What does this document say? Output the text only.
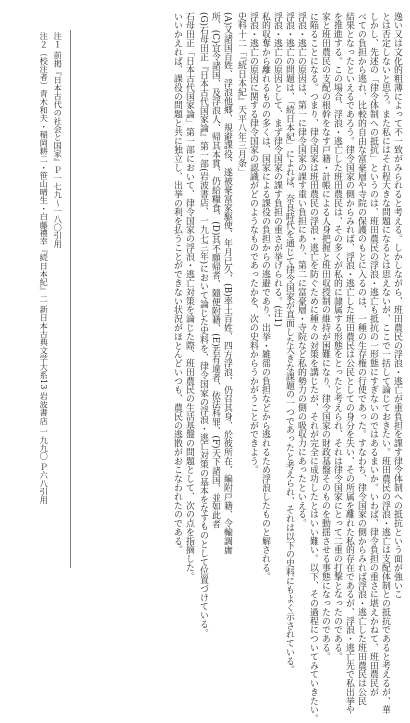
逸い又は文化的粗薄によって不一致がみられると考える。しかしながら、班田農民の浮浪・逃亡が重負担を課す律令体制への抵抗という面が強いこ
とは否定しないと思う。また私にはそれ程大きな問題になるとは思えないが、ここで一括して論じておきたい。班田農民の浮浪・逃亡は支配体制との抵抗であると考えるが、華
しかし、先述の「律令体制への抵抗」というのは、班田農民の浮浪・逃亡も抵抗の一形態にすぎないのではあるまいか。いわば、律令負担の重さに堪えかねて、班田農民が
べての負担から逃れ、比較的自由な富豪層や寺院の保護のもとに入るのは、一種の生存権の行使であった。すなわち、律令国家の側からみれば浮浪・逃亡した班田農民は公民
結果となったといえるであろう。律令国家の側からみれば、浮浪・逃亡した班田農民は公民としての身分を失い、その所属を離れた私的存在であるが、浮浪・逃亡先で私出挙や
を推進する。この場合、浮浪・逃亡した班田農民は、その多くが私的に隷属する形態をとったと考えられ、それは律令国家にとって二重の打撃となったのである。
家と班田農民の支配の根幹をなす戸籍・計帳による人身把握と班田収授制の維持が困難になり、律令国家の財政基盤そのものを動揺させる事態になったのである。
に陥ることになる。つまり、律令国家は班田農民の浮浪・逃亡を防ぐために種々の対策を講じたが、それが完全に成功したとはいい難い。以下、その過程についてみていきたい。
浮浪・逃亡の原因は、第一に律令国家の課す重い負担にあり、第二に富豪層・寺院など私的勢力の側の吸収力にあったといえる。
浮浪・逃亡の問題は、「続日本紀」によれば、奈良時代を通じて律令国家が直面した大きな課題の一つであったと考えられ、それは以下の史料にもよく示されている。
浮浪・逃亡の原因として、まず律令国家の課す負担の重さが挙げられる。(注1)
私的収奪から離れるものの多くは、国家による課役の負担からの逃避であり、出挙・雑徭の負担などから逃れるため浮浪したものと解される。
浮浪・逃亡の原因に関する律令国家の認識がどのようなものであったかを、次の史料からうかがうことができよう。
史料十二「『続日本紀』天平八年三月条」
(A)又諸国百姓、浮浪他郷、規避課役、遂被豪富家駆使、年月已久、(B)率土百姓、四方浮浪、仍召其身、於彼所在、編附戸籍、令輸調庸
所、(C)宜令諸国、及浮浪人、帰其本貫、仍給糧食、(D)其不願帰者、隨便附籍、(E)若有違者、依法科罪、(F)天下諸国、並如此者
(G)石母田正『日本古代国家論』第一部(岩波書店、一九七三年)において論じた史料を、律令国家の浮浪・逃亡対策の基本をなすものとして位置づけている。
石母田正「日本古代国家論」第一部において、律令国家の浮浪・逃亡対策を論じた際、班田農民の生活基盤の問題として、次の点を指摘した。
いいかえれば、課役の問題と共に独立し、出挙の利を払うことができない状況がほとんどいつも、農民の逃散がおこなわれたのである。
注１ 前掲『日本古代の社会と国家』Ｐ一七九〜一八〇引用
注２（校注者）青木和夫・稲岡耕二・笹山晴生・白藤禮幸『続日本紀』二 新日本古典文学大系13 岩波書店 一九九〇 Ｐ六八引用
